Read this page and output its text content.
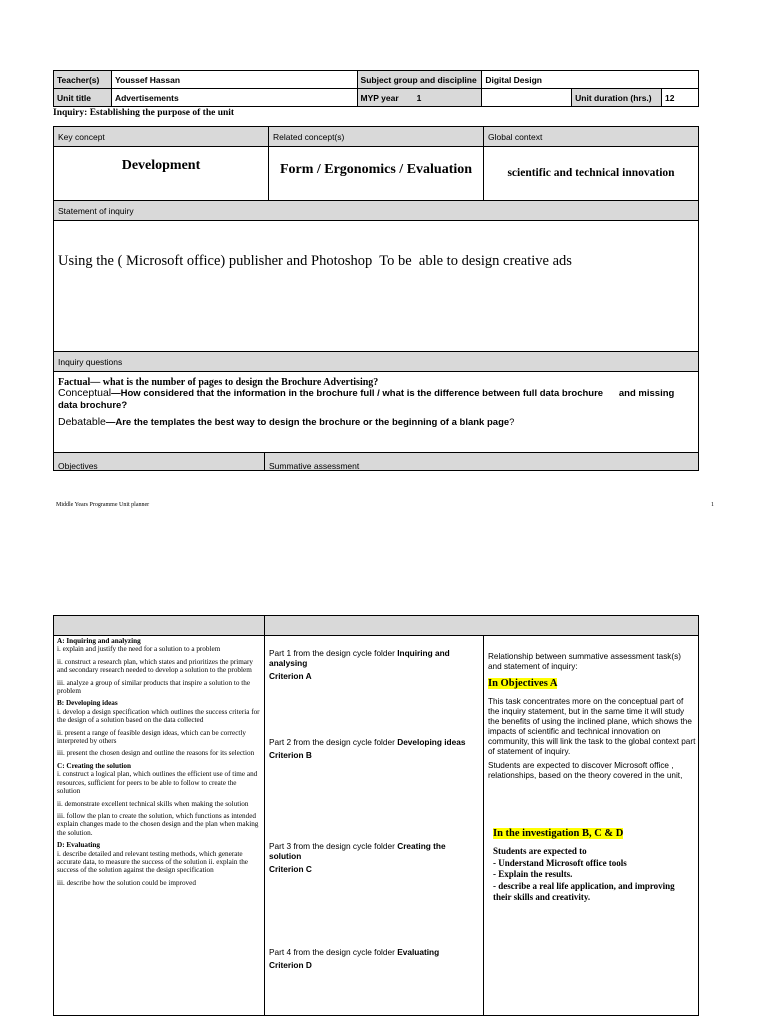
Teacher(s)	Youssef Hassan	Subject group and discipline	Digital Design		
Unit title	Advertisements	MYP year 1		Unit duration (hrs.)	12
Inquiry: Establishing the purpose of the unit
Key concept	Related concept(s)	Global context
Development	Form / Ergonomics / Evaluation	scientific and technical innovation
Statement of inquiry
Using the ( Microsoft office) publisher and Photoshop  To be  able to design creative ads
Inquiry questions
Factual— what is the number of pages to design the Brochure Advertising?
Conceptual—How considered that the information in the brochure full / what is the difference between full data brochure      and missing data brochure?
Debatable—Are the templates the best way to design the brochure or the beginning of a blank page?
Objectives	Summative assessment
Middle Years Programme Unit planner	1

A: Inquiring and analyzing

i. explain and justify the need for a solution to a problem

ii. construct a research plan, which states and prioritizes the primary and secondary research needed to develop a solution to the problem

iii. analyze a group of similar products that inspire a solution to the problem

B: Developing ideas

i. develop a design specification which outlines the success criteria for the design of a solution based on the data collected

ii. present a range of feasible design ideas, which can be correctly interpreted by others

iii. present the chosen design and outline the reasons for its selection

C: Creating the solution

i. construct a logical plan, which outlines the efficient use of time and resources, sufficient for peers to be able to follow to create the solution

ii. demonstrate excellent technical skills when making the solution

iii. follow the plan to create the solution, which functions as intended explain changes made to the chosen design and the plan when making the solution.

D: Evaluating

i. describe detailed and relevant testing methods, which generate accurate data, to measure the success of the solution ii. explain the success of the solution against the design specification

iii. describe how the solution could be improved

Part 1 from the design cycle folder Inquiring and analysing
Criterion A
Part 2 from the design cycle folder Developing ideas
Criterion B
Part 3 from the design cycle folder Creating the solution
Criterion C
Part 4 from the design cycle folder Evaluating
Criterion D
Relationship between summative assessment task(s) and statement of inquiry:
In Objectives A
This task concentrates more on the conceptual part of the inquiry statement, but in the same time it will study the benefits of using the inclined plane, which shows the impacts of scientific and technical innovation on community, this will link the task to the global context part of statement of inquiry.
Students are expected to discover Microsoft office , relationships, based on the theory covered in the unit,
In the investigation B, C & D
Students are expected to
- Understand Microsoft office tools
- Explain the results.
- describe a real life application, and improving their skills and creativity.
